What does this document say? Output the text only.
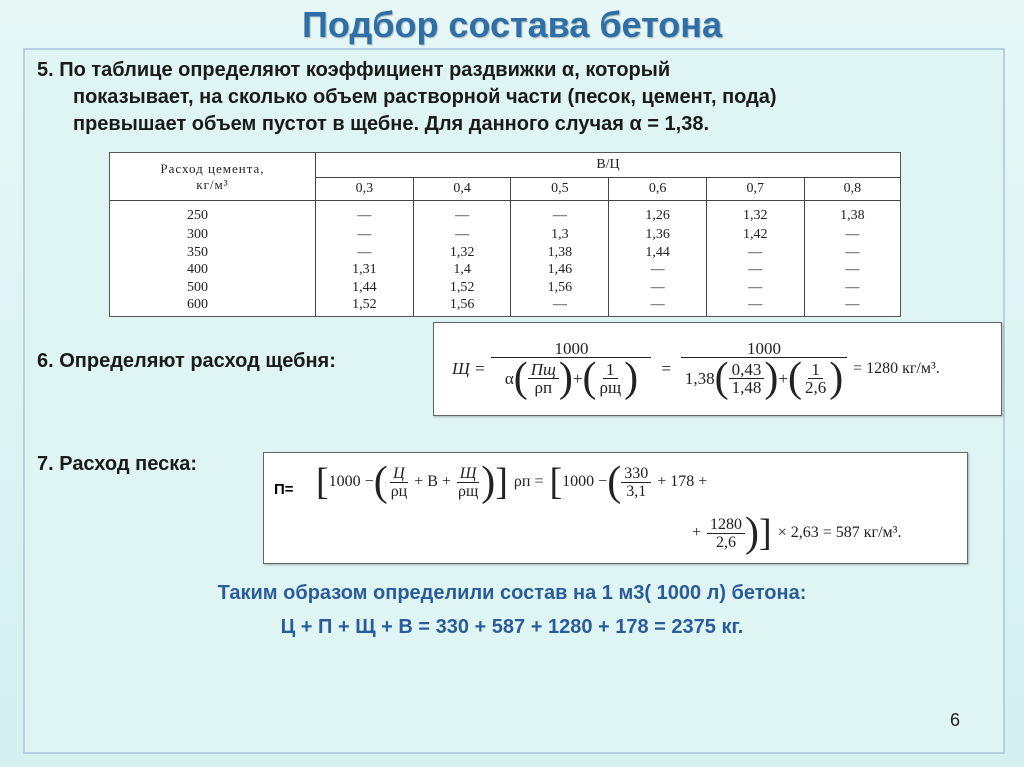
Подбор состава бетона
5. По таблице определяют коэффициент раздвижки α, который
показывает, на сколько объем растворной части (песок, цемент, пода)
превышает объем пустот в щебне. Для данного случая α = 1,38.
Расход цемента,
кг/м³	В/Ц					
	0,3	0,4	0,5	0,6	0,7	0,8
250	—	—	—	1,26	1,32	1,38
300	—	—	1,3	1,36	1,42	—
350	—	1,32	1,38	1,44	—	—
400	1,31	1,4	1,46	—	—	—
500	1,44	1,52	1,56	—	—	—
600	1,52	1,56	—	—	—	—
6. Определяют расход щебня:	$Щ = \frac{1000}{\alpha ( \frac{Пщ}{\rho п} ) + ( \frac{1}{\rho щ} )}$ =
1000
1,38 ( $\frac{0,43}{1,48}$ ) + ( $\frac{1}{2,6}$ ) = 1280 кг/м³.
7. Расход песка:
П= [ 1000 − ( $\frac{Ц}{\rho ц} + В + \frac{Щ}{\rho щ}$ ) ] ρп = [ 1000 − ( $\frac{330}{3,1} + 178$ +
+ $\frac{1280}{2,6}$ ) ] × 2,63 = 587 кг/м³.
Таким образом определили состав на 1 м3( 1000 л) бетона:
Ц + П + Щ + В = 330 + 587 + 1280 + 178 = 2375 кг.
6
